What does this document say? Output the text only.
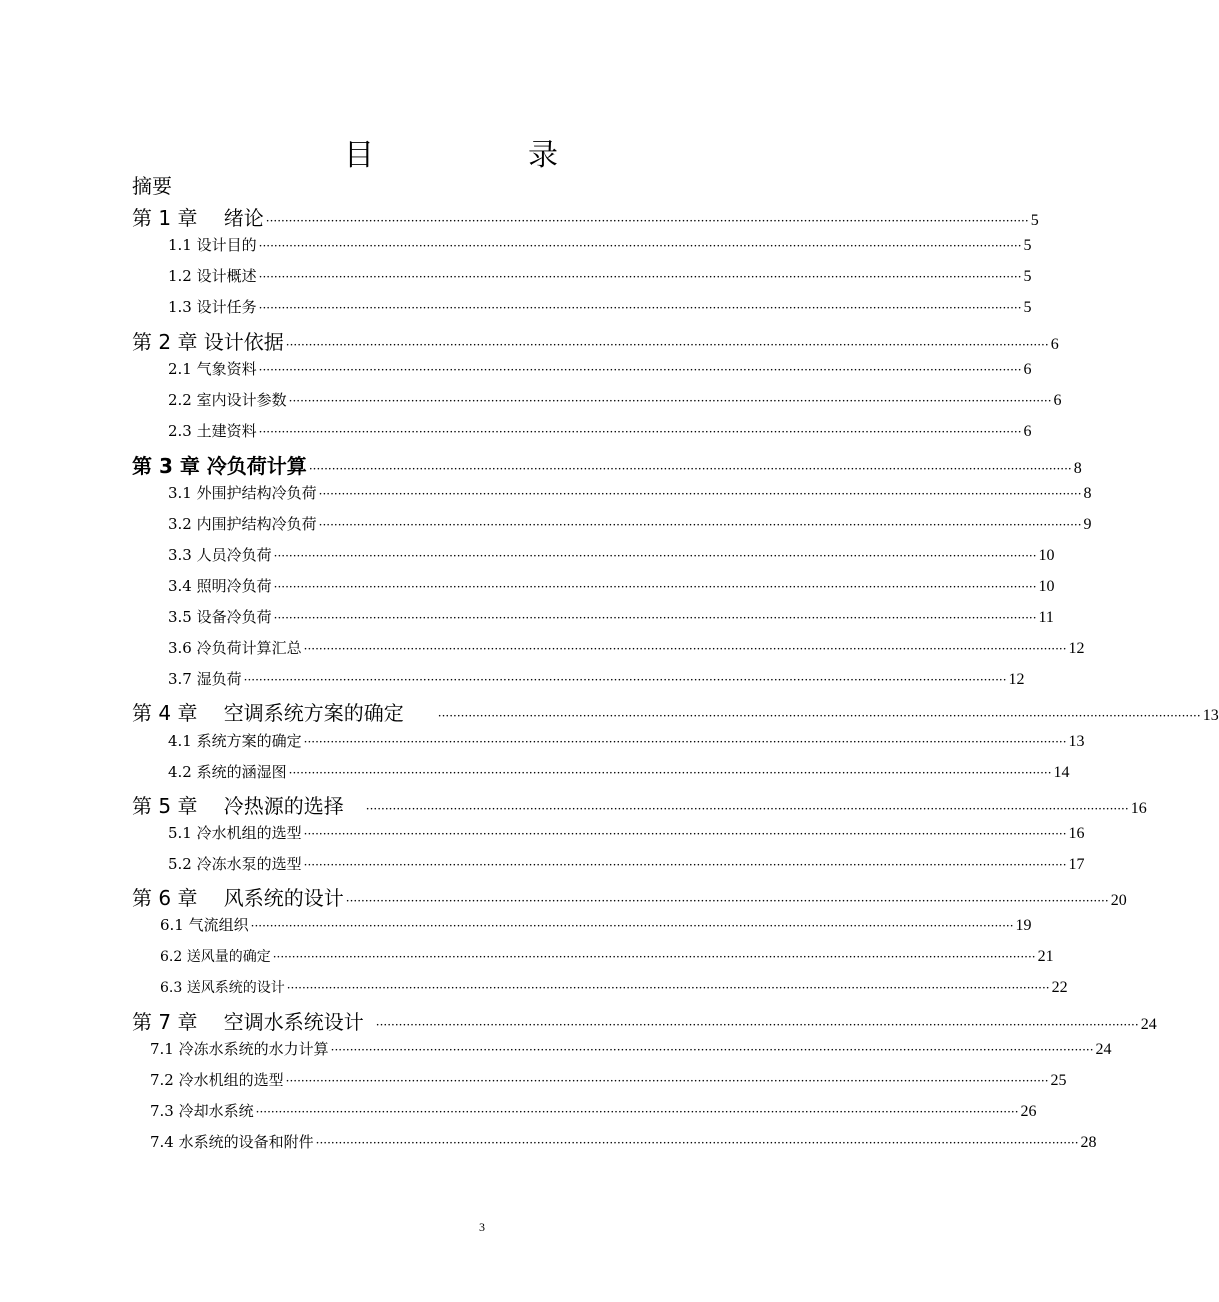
目　录
摘要
第 1 章　 绪论 ········································································································································································································ 5
1.1 设计目的 ········································································································································································································ 5
1.2 设计概述 ········································································································································································································ 5
1.3 设计任务 ········································································································································································································ 5
第 2 章 设计依据 ········································································································································································································ 6
2.1 气象资料 ········································································································································································································ 6
2.2 室内设计参数 ········································································································································································································ 6
2.3 土建资料 ········································································································································································································ 6
第 3 章 冷负荷计算 ········································································································································································································ 8
3.1 外围护结构冷负荷 ········································································································································································································ 8
3.2 内围护结构冷负荷 ········································································································································································································ 9
3.3 人员冷负荷 ········································································································································································································ 10
3.4 照明冷负荷 ········································································································································································································ 10
3.5 设备冷负荷 ········································································································································································································ 11
3.6 冷负荷计算汇总 ········································································································································································································ 12
3.7 湿负荷 ········································································································································································································ 12
第 4 章　 空调系统方案的确定	········································································································································································································ 13
4.1 系统方案的确定 ········································································································································································································ 13
4.2 系统的涵湿图 ········································································································································································································ 14
第 5 章　 冷热源的选择 ········································································································································································································ 16
5.1 冷水机组的选型 ········································································································································································································ 16
5.2 冷冻水泵的选型 ········································································································································································································ 17
第 6 章　 风系统的设计 ········································································································································································································ 20
6.1 气流组织 ········································································································································································································ 19
6.2 送风量的确定 ········································································································································································································ 21
6.3 送风系统的设计 ········································································································································································································ 22
第 7 章　 空调水系统设计 ········································································································································································································ 24
7.1 冷冻水系统的水力计算 ········································································································································································································ 24
7.2 冷水机组的选型 ········································································································································································································ 25
7.3 冷却水系统 ········································································································································································································ 26
7.4 水系统的设备和附件 ········································································································································································································ 28
3
